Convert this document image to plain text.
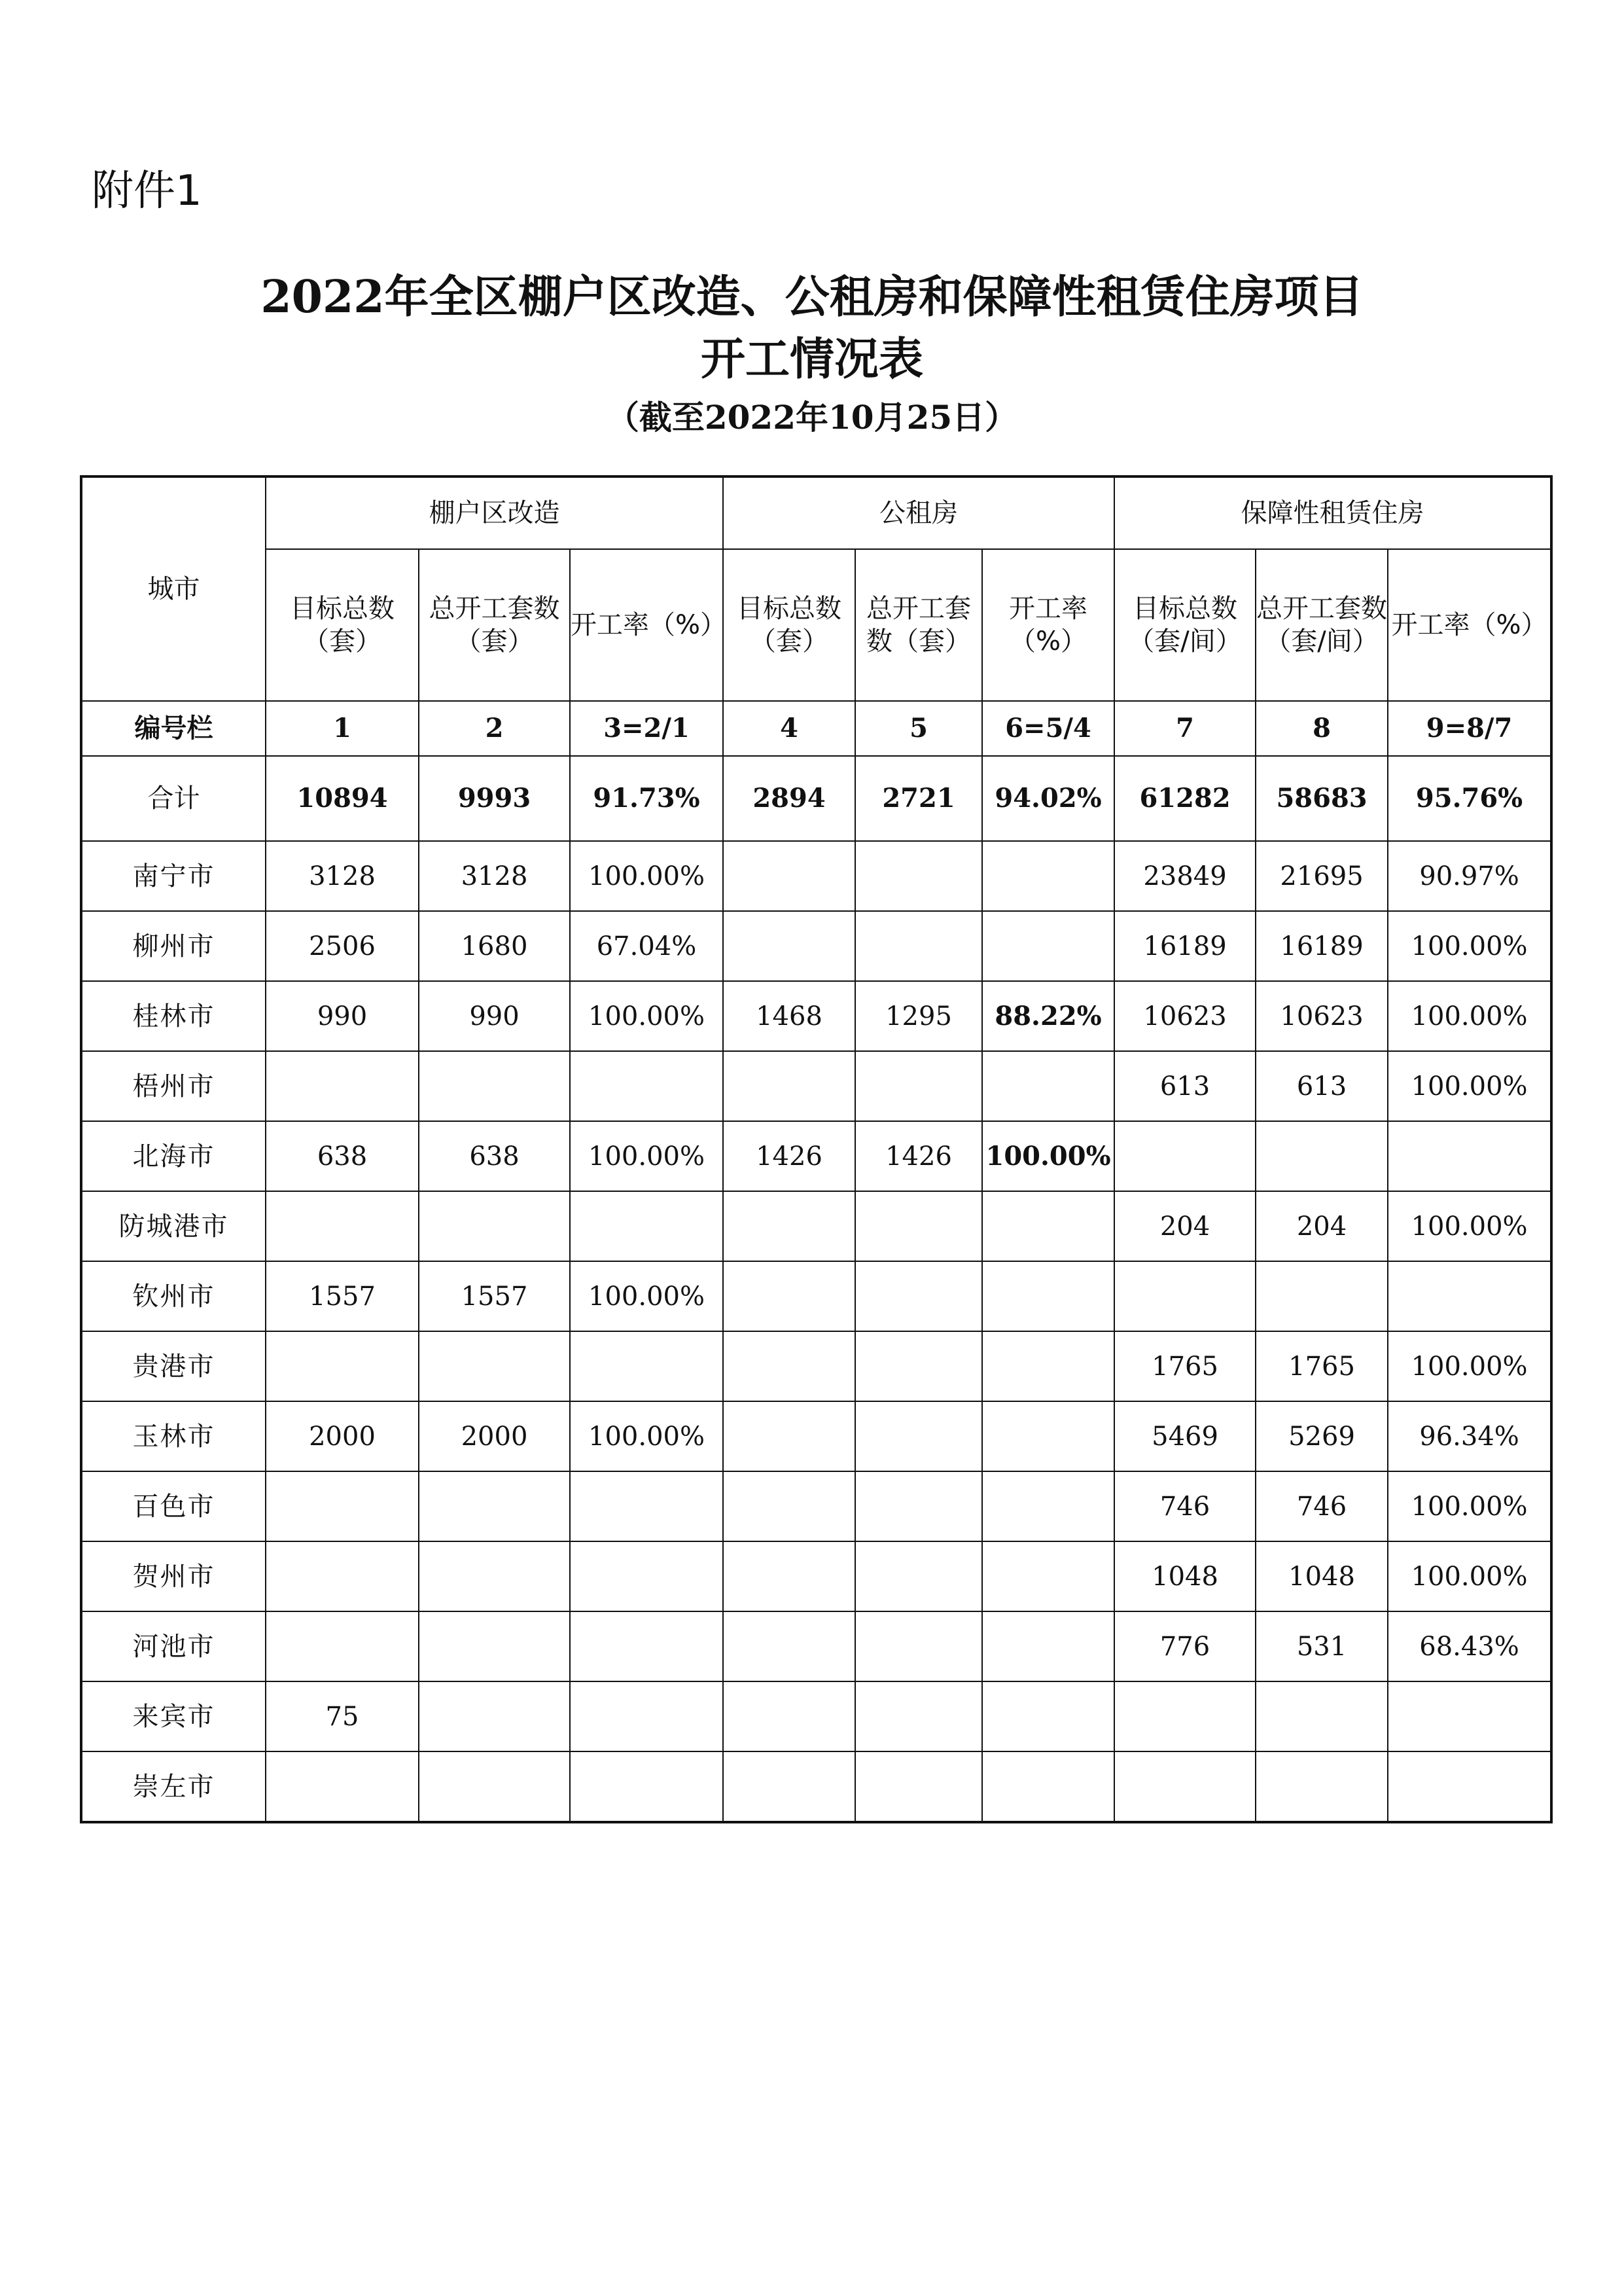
附件1
2022年全区棚户区改造、公租房和保障性租赁住房项目
开工情况表
（截至2022年10月25日）
城市	棚户区改造			公租房			保障性租赁住房		
	目标总数（套）	总开工套数（套）	开工率（%）	目标总数（套）	总开工套数（套）	开工率（%）	目标总数（套/间）	总开工套数（套/间）	开工率（%）
编号栏	1	2	3=2/1	4	5	6=5/4	7	8	9=8/7
合计	10894	9993	91.73%	2894	2721	94.02%	61282	58683	95.76%
南宁市	3128	3128	100.00%				23849	21695	90.97%
柳州市	2506	1680	67.04%				16189	16189	100.00%
桂林市	990	990	100.00%	1468	1295	88.22%	10623	10623	100.00%
梧州市							613	613	100.00%
北海市	638	638	100.00%	1426	1426	100.00%			
防城港市							204	204	100.00%
钦州市	1557	1557	100.00%						
贵港市							1765	1765	100.00%
玉林市	2000	2000	100.00%				5469	5269	96.34%
百色市							746	746	100.00%
贺州市							1048	1048	100.00%
河池市							776	531	68.43%
来宾市	75								
崇左市									
